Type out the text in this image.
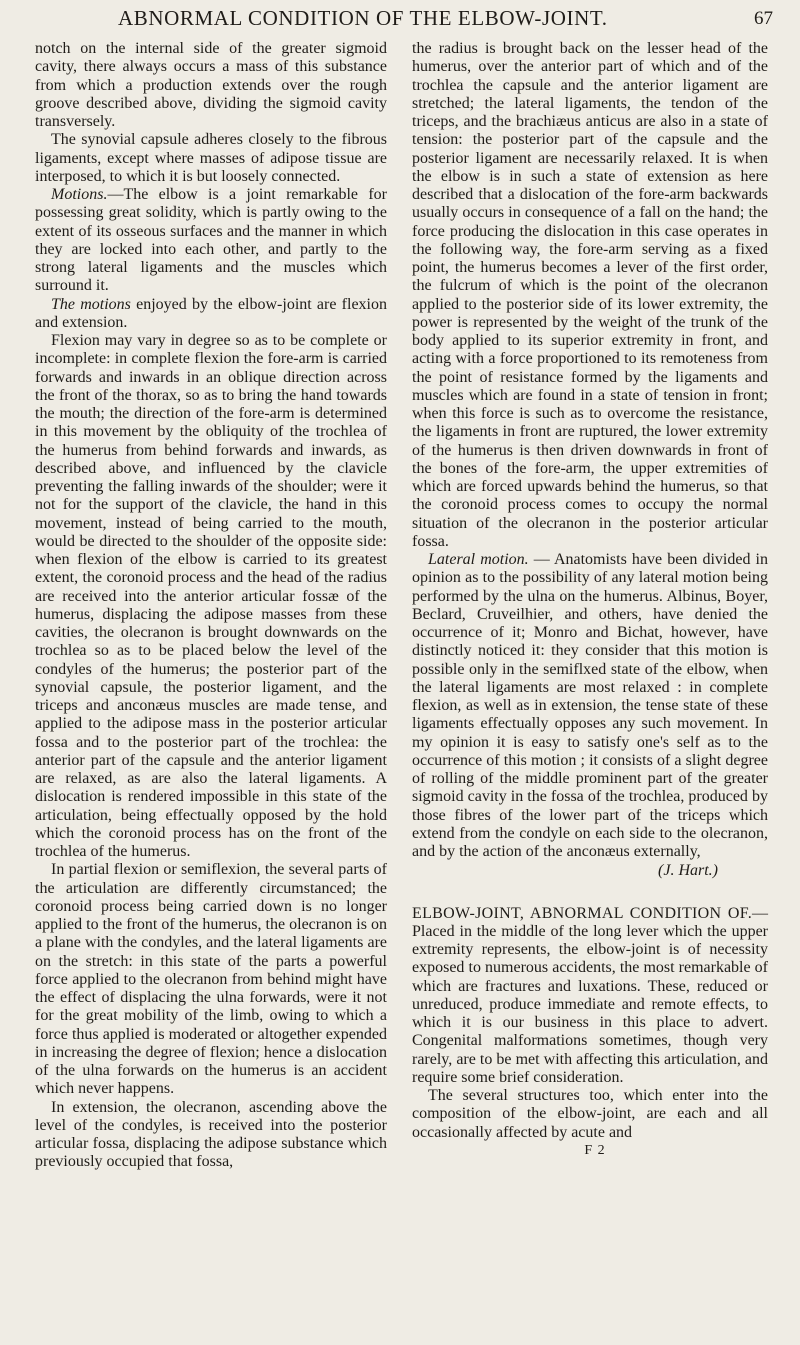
ABNORMAL CONDITION OF THE ELBOW-JOINT.	67

notch on the internal side of the greater sigmoid cavity, there always occurs a mass of this substance from which a production extends over the rough groove described above, dividing the sigmoid cavity transversely.

The synovial capsule adheres closely to the fibrous ligaments, except where masses of adipose tissue are interposed, to which it is but loosely connected.

Motions.—The elbow is a joint remarkable for possessing great solidity, which is partly owing to the extent of its osseous surfaces and the manner in which they are locked into each other, and partly to the strong lateral ligaments and the muscles which surround it.

The motions enjoyed by the elbow-joint are flexion and extension.

Flexion may vary in degree so as to be complete or incomplete: in complete flexion the fore-arm is carried forwards and inwards in an oblique direction across the front of the thorax, so as to bring the hand towards the mouth; the direction of the fore-arm is determined in this movement by the obliquity of the trochlea of the humerus from behind forwards and inwards, as described above, and influenced by the clavicle preventing the falling inwards of the shoulder; were it not for the support of the clavicle, the hand in this movement, instead of being carried to the mouth, would be directed to the shoulder of the opposite side: when flexion of the elbow is carried to its greatest extent, the coronoid process and the head of the radius are received into the anterior articular fossæ of the humerus, displacing the adipose masses from these cavities, the olecranon is brought downwards on the trochlea so as to be placed below the level of the condyles of the humerus; the posterior part of the synovial capsule, the posterior ligament, and the triceps and anconæus muscles are made tense, and applied to the adipose mass in the posterior articular fossa and to the posterior part of the trochlea: the anterior part of the capsule and the anterior ligament are relaxed, as are also the lateral ligaments. A dislocation is rendered impossible in this state of the articulation, being effectually opposed by the hold which the coronoid process has on the front of the trochlea of the humerus.

In partial flexion or semiflexion, the several parts of the articulation are differently circumstanced; the coronoid process being carried down is no longer applied to the front of the humerus, the olecranon is on a plane with the condyles, and the lateral ligaments are on the stretch: in this state of the parts a powerful force applied to the olecranon from behind might have the effect of displacing the ulna forwards, were it not for the great mobility of the limb, owing to which a force thus applied is moderated or altogether expended in increasing the degree of flexion; hence a dislocation of the ulna forwards on the humerus is an accident which never happens.

In extension, the olecranon, ascending above the level of the condyles, is received into the posterior articular fossa, displacing the adipose substance which previously occupied that fossa,

the radius is brought back on the lesser head of the humerus, over the anterior part of which and of the trochlea the capsule and the anterior ligament are stretched; the lateral ligaments, the tendon of the triceps, and the brachiæus anticus are also in a state of tension: the posterior part of the capsule and the posterior ligament are necessarily relaxed. It is when the elbow is in such a state of extension as here described that a dislocation of the fore-arm backwards usually occurs in consequence of a fall on the hand; the force producing the dislocation in this case operates in the following way, the fore-arm serving as a fixed point, the humerus becomes a lever of the first order, the fulcrum of which is the point of the olecranon applied to the posterior side of its lower extremity, the power is represented by the weight of the trunk of the body applied to its superior extremity in front, and acting with a force proportioned to its remoteness from the point of resistance formed by the ligaments and muscles which are found in a state of tension in front; when this force is such as to overcome the resistance, the ligaments in front are ruptured, the lower extremity of the humerus is then driven downwards in front of the bones of the fore-arm, the upper extremities of which are forced upwards behind the humerus, so that the coronoid process comes to occupy the normal situation of the olecranon in the posterior articular fossa.

Lateral motion. — Anatomists have been divided in opinion as to the possibility of any lateral motion being performed by the ulna on the humerus. Albinus, Boyer, Beclard, Cruveilhier, and others, have denied the occurrence of it; Monro and Bichat, however, have distinctly noticed it: they consider that this motion is possible only in the semiflxed state of the elbow, when the lateral ligaments are most relaxed : in complete flexion, as well as in extension, the tense state of these ligaments effectually opposes any such movement. In my opinion it is easy to satisfy one's self as to the occurrence of this motion ; it consists of a slight degree of rolling of the middle prominent part of the greater sigmoid cavity in the fossa of the trochlea, produced by those fibres of the lower part of the triceps which extend from the condyle on each side to the olecranon, and by the action of the anconæus externally,

(J. Hart.)

ELBOW-JOINT, ABNORMAL CONDITION OF.—Placed in the middle of the long lever which the upper extremity represents, the elbow-joint is of necessity exposed to numerous accidents, the most remarkable of which are fractures and luxations. These, reduced or unreduced, produce immediate and remote effects, to which it is our business in this place to advert. Congenital malformations sometimes, though very rarely, are to be met with affecting this articulation, and require some brief consideration.

The several structures too, which enter into the composition of the elbow-joint, are each and all occasionally affected by acute and

F 2
